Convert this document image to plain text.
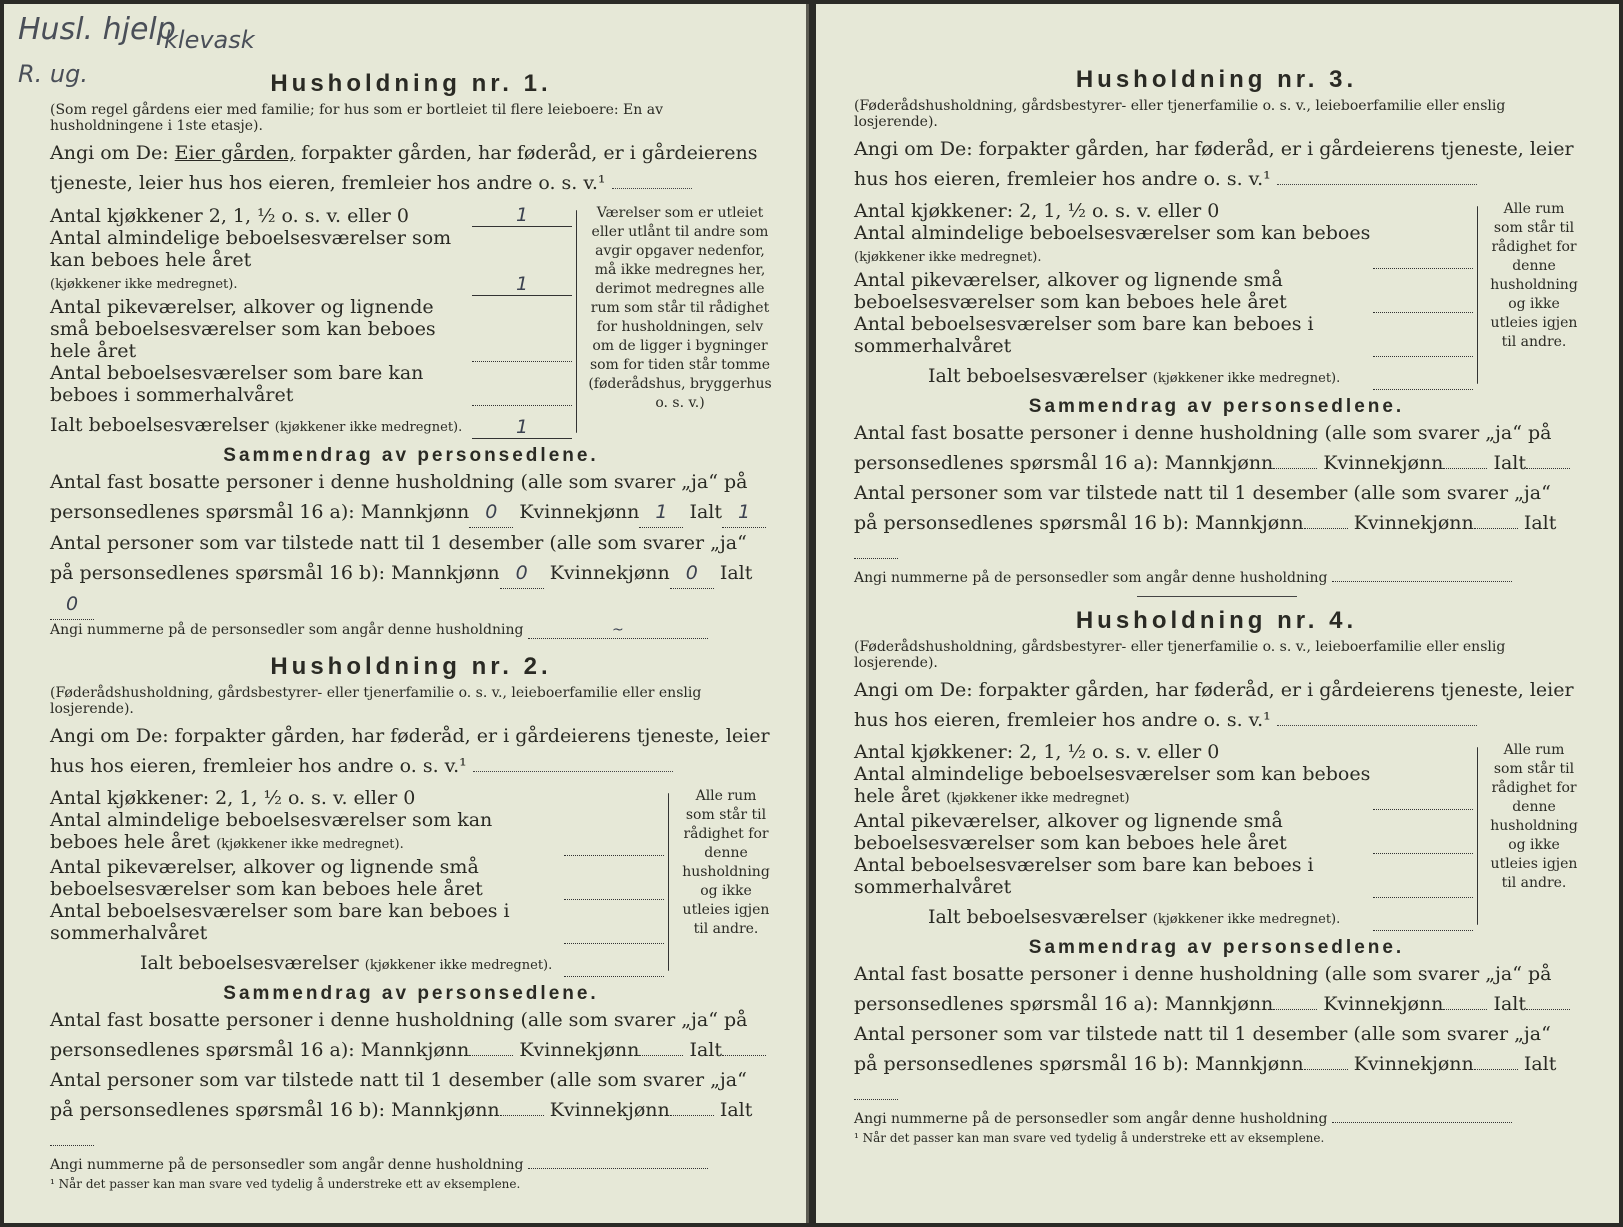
Husl. hjelp
klevask
R. ug.	Husholdning nr. 1.

(Som regel gårdens eier med familie; for hus som er bortleiet til flere leieboere: En av husholdningene i 1ste etasje).

Angi om De: Eier gården, forpakter gården, har føderåd, er i gårdeierens tjeneste, leier hus hos eieren, fremleier hos andre o. s. v.¹

Antal kjøkkener 2, 1, ½ o. s. v. eller 0	1

Antal almindelige beboelsesværelser som kan beboes hele året
(kjøkkener ikke medregnet).	1

Antal pikeværelser, alkover og lignende små beboelsesværelser som kan beboes hele året

Antal beboelsesværelser som bare kan beboes i sommerhalvåret

Ialt beboelsesværelser (kjøkkener ikke medregnet).	1

Værelser som er utleiet eller utlånt til andre som avgir opgaver nedenfor, må ikke medregnes her, derimot medregnes alle rum som står til rådighet for husholdningen, selv om de ligger i bygninger som for tiden står tomme (føderådshus, bryggerhus o. s. v.)
Sammendrag av personsedlene.

Antal fast bosatte personer i denne husholdning (alle som svarer „ja“ på personsedlenes spørsmål 16 a): Mannkjønn 0 Kvinnekjønn 1 Ialt 1

Antal personer som var tilstede natt til 1 desember (alle som svarer „ja“ på personsedlenes spørsmål 16 b): Mannkjønn 0 Kvinnekjønn 0 Ialt0

Angi nummerne på de personsedler som angår denne husholdning	~

Husholdning nr. 2.

(Føderådshusholdning, gårdsbestyrer- eller tjenerfamilie o. s. v., leieboerfamilie eller enslig losjerende).

Angi om De: forpakter gården, har føderåd, er i gårdeierens tjeneste, leier hus hos eieren, fremleier hos andre o. s. v.¹

Antal kjøkkener: 2, 1, ½ o. s. v. eller 0

Antal almindelige beboelsesværelser som kan beboes hele året (kjøkkener ikke medregnet).

Antal pikeværelser, alkover og lignende små beboelsesværelser som kan beboes hele året

Antal beboelsesværelser som bare kan beboes i sommerhalvåret

Ialt beboelsesværelser (kjøkkener ikke medregnet).

Alle rum som står til rådighet for denne husholdning og ikke utleies igjen til andre.
Sammendrag av personsedlene.

Antal fast bosatte personer i denne husholdning (alle som svarer „ja“ på personsedlenes spørsmål 16 a): Mannkjønn	Kvinnekjønn	Ialt

Antal personer som var tilstede natt til 1 desember (alle som svarer „ja“ på personsedlenes spørsmål 16 b): Mannkjønn	Kvinnekjønn	Ialt

Angi nummerne på de personsedler som angår denne husholdning

¹ Når det passer kan man svare ved tydelig å understreke ett av eksemplene.

Husholdning nr. 3.

(Føderådshusholdning, gårdsbestyrer- eller tjenerfamilie o. s. v., leieboerfamilie eller enslig losjerende).

Angi om De: forpakter gården, har føderåd, er i gårdeierens tjeneste, leier hus hos eieren, fremleier hos andre o. s. v.¹

Antal kjøkkener: 2, 1, ½ o. s. v. eller 0

Antal almindelige beboelsesværelser som kan beboes (kjøkkener ikke medregnet).

Antal pikeværelser, alkover og lignende små beboelsesværelser som kan beboes hele året

Antal beboelsesværelser som bare kan beboes i sommerhalvåret

Ialt beboelsesværelser (kjøkkener ikke medregnet).

Alle rum som står til rådighet for denne husholdning og ikke utleies igjen til andre.
Sammendrag av personsedlene.

Antal fast bosatte personer i denne husholdning (alle som svarer „ja“ på personsedlenes spørsmål 16 a): Mannkjønn	Kvinnekjønn	Ialt

Antal personer som var tilstede natt til 1 desember (alle som svarer „ja“ på personsedlenes spørsmål 16 b): Mannkjønn	Kvinnekjønn	Ialt

Angi nummerne på de personsedler som angår denne husholdning

Husholdning nr. 4.

(Føderådshusholdning, gårdsbestyrer- eller tjenerfamilie o. s. v., leieboerfamilie eller enslig losjerende).

Angi om De: forpakter gården, har føderåd, er i gårdeierens tjeneste, leier hus hos eieren, fremleier hos andre o. s. v.¹

Antal kjøkkener: 2, 1, ½ o. s. v. eller 0

Antal almindelige beboelsesværelser som kan beboes hele året (kjøkkener ikke medregnet)

Antal pikeværelser, alkover og lignende små beboelsesværelser som kan beboes hele året

Antal beboelsesværelser som bare kan beboes i sommerhalvåret

Ialt beboelsesværelser (kjøkkener ikke medregnet).

Alle rum som står til rådighet for denne husholdning og ikke utleies igjen til andre.
Sammendrag av personsedlene.

Antal fast bosatte personer i denne husholdning (alle som svarer „ja“ på personsedlenes spørsmål 16 a): Mannkjønn	Kvinnekjønn	Ialt

Antal personer som var tilstede natt til 1 desember (alle som svarer „ja“ på personsedlenes spørsmål 16 b): Mannkjønn	Kvinnekjønn	Ialt

Angi nummerne på de personsedler som angår denne husholdning

¹ Når det passer kan man svare ved tydelig å understreke ett av eksemplene.
